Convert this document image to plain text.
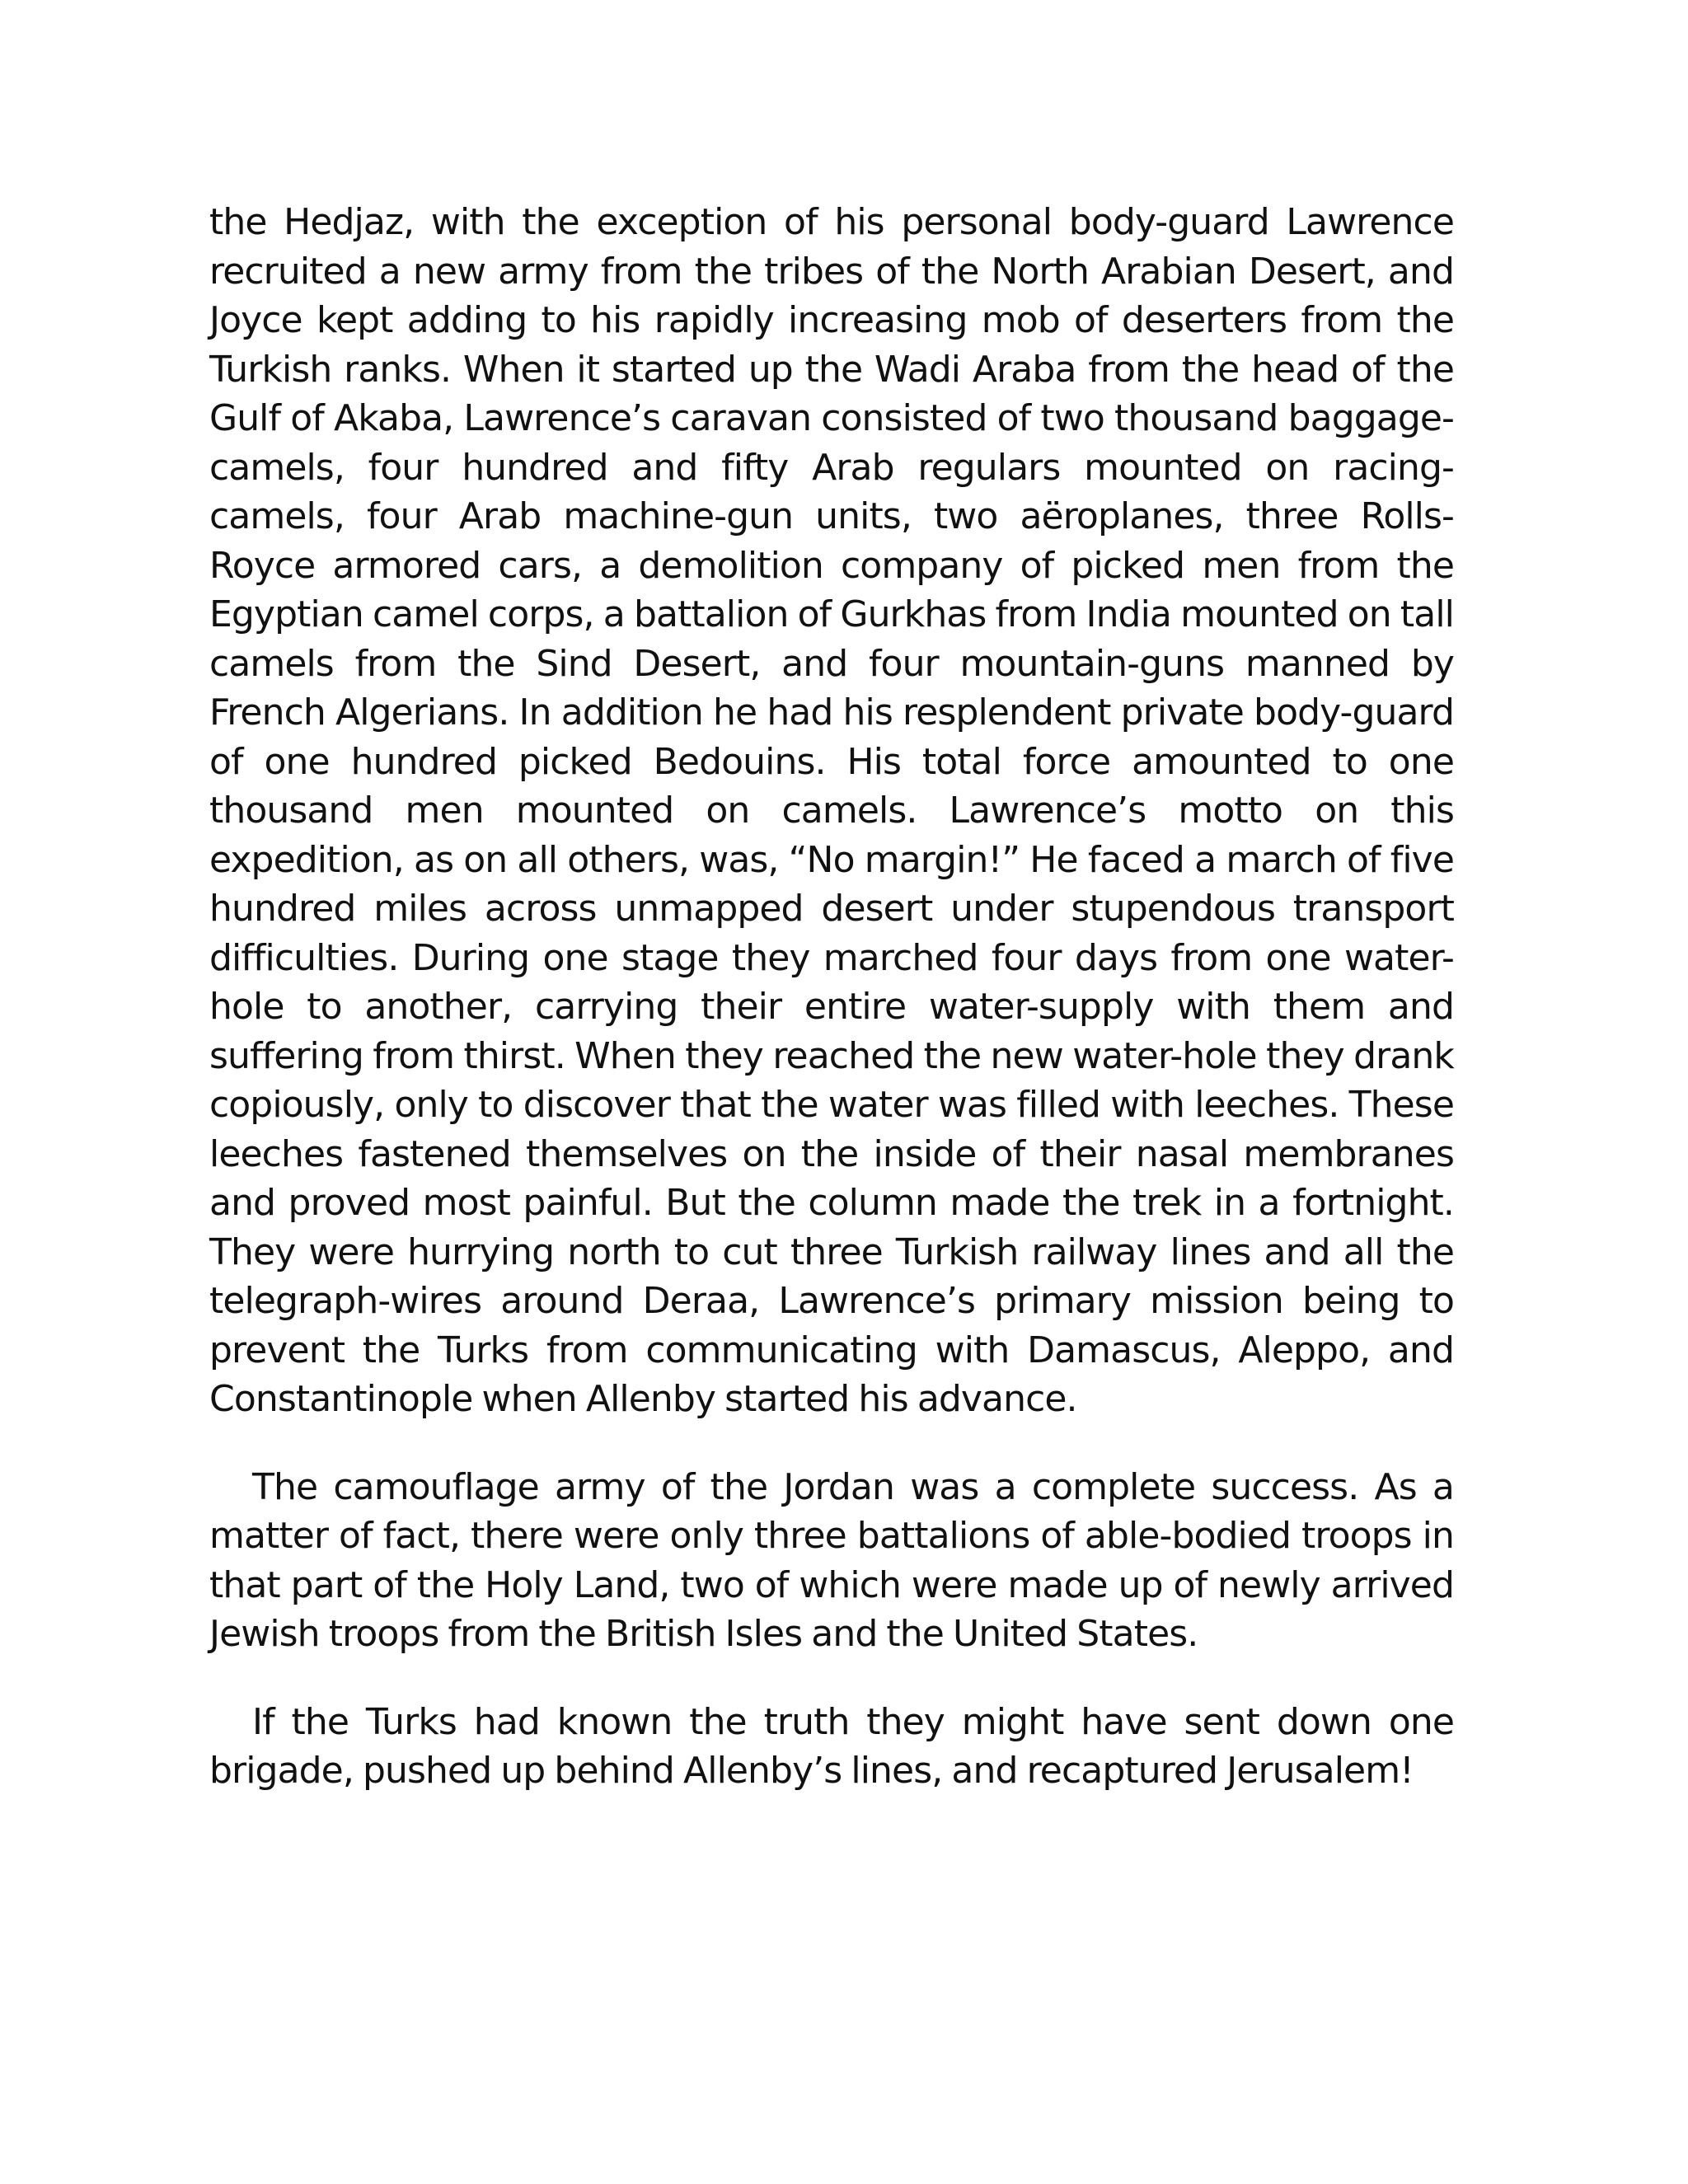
the Hedjaz, with the exception of his personal body-guard Lawrence recruited a new army from the tribes of the North Arabian Desert, and Joyce kept adding to his rapidly increasing mob of deserters from the Turkish ranks. When it started up the Wadi Araba from the head of the Gulf of Akaba, Lawrence’s caravan consisted of two thousand baggage-camels, four hundred and fifty Arab regulars mounted on racing-camels, four Arab machine-gun units, two aëroplanes, three Rolls-Royce armored cars, a demolition company of picked men from the Egyptian camel corps, a battalion of Gurkhas from India mounted on tall camels from the Sind Desert, and four mountain-guns manned by French Algerians. In addition he had his resplendent private body-guard of one hundred picked Bedouins. His total force amounted to one thousand men mounted on camels. Lawrence’s motto on this expedition, as on all others, was, “No margin!” He faced a march of five hundred miles across unmapped desert under stupendous transport difficulties. During one stage they marched four days from one water-hole to another, carrying their entire water-supply with them and suffering from thirst. When they reached the new water-hole they drank copiously, only to discover that the water was filled with leeches. These leeches fastened themselves on the inside of their nasal membranes and proved most painful. But the column made the trek in a fortnight. They were hurrying north to cut three Turkish railway lines and all the telegraph-wires around Deraa, Lawrence’s primary mission being to prevent the Turks from communicating with Damascus, Aleppo, and Constantinople when Allenby started his advance.

The camouflage army of the Jordan was a complete success. As a matter of fact, there were only three battalions of able-bodied troops in that part of the Holy Land, two of which were made up of newly arrived Jewish troops from the British Isles and the United States.

If the Turks had known the truth they might have sent down one brigade, pushed up behind Allenby’s lines, and recaptured Jerusalem!
